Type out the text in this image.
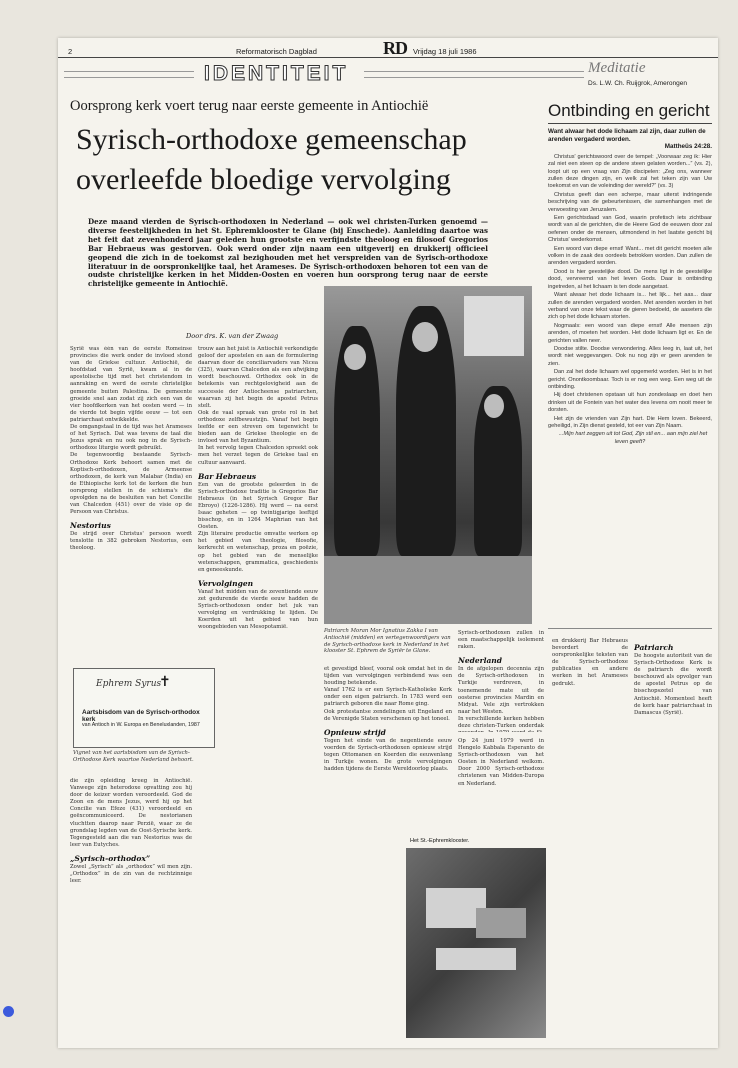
2	Reformatorisch Dagblad	RD Vrijdag 18 juli 1986
IDENTITEIT	Meditatie
Ds. L.W. Ch. Ruijgrok, Amerongen
Oorsprong kerk voert terug naar eerste gemeente in Antiochië
Syrisch-orthodoxe gemeenschap
overleefde bloedige vervolging
Deze maand vierden de Syrisch-orthodoxen in Nederland — ook wel christen-Turken genoemd — diverse feestelijkheden in het St. Ephremklooster te Glane (bij Enschede). Aanleiding daartoe was het feit dat zevenhonderd jaar geleden hun grootste en verfijndste theoloog en filosoof Gregorios Bar Hebraeus was gestorven. Ook werd onder zijn naam een uitgeverij en drukkerij officieel geopend die zich in de toekomst zal bezighouden met het verspreiden van de Syrisch-orthodoxe literatuur in de oorspronkelijke taal, het Arameses. De Syrisch-orthodoxen behoren tot een van de oudste christelijke kerken in het Midden-Oosten en voeren hun oorsprong terug naar de eerste christelijke gemeente in Antiochië.
Door drs. K. van der Zwaag
Syrië was één van de eerste Romeinse provincies die werk onder de invloed stond van de Griekse cultuur. Antiochië, de hoofdstad van Syrië, kwam al in de apostolische tijd met het christendom in aanraking en werd de eerste christelijke gemeente buiten Palestina. De gemeente groeide snel aan zodat zij zich een van de vier hoofdkerken van het oosten werd — in de vierde tot begin vijfde eeuw — tot een patriarchaat ontwikkelde.
De omgangstaal in de tijd was het Arameses of het Syrisch. Dat was tevens de taal die Jezus sprak en nu ook nog in de Syrisch-orthodoxe liturgie wordt gebruikt.
De tegenwoordig bestaande Syrisch-Orthodoxe Kerk behoort samen met de Koptisch-orthodoxen, de Armeense orthodoxen, de kerk van Malabar (India) en de Ethiopische kerk tot de kerken die hun oorsprong stellen in de schisma's die opvolgden na de besluiten van het Concilie van Chalcedon (451) over de visie op de Persoon van Christus.
Nestorius
De strijd over Christus' persoon wordt tenslotte in 382 gebroken Nestorius, een theoloog.
Ephrem Syrus
✝
Aartsbisdom van de Syrisch-orthodox kerk
van Antioch in W. Europa en Beneluxlanden, 1987
Vignet van het aartsbisdom van de Syrisch-Orthodoxe Kerk waartoe Nederland behoort.
die zijn opleiding kreeg in Antiochië. Vanwege zijn heterodoxe opvatting zou hij door de keizer worden veroordeeld. God de Zoon en de mens Jezus, werd hij op het Concilie van Efeze (431) veroordeeld en geëxcommuniceerd. De nestorianen vluchtten daarop naar Perzië, waar ze de grondslag legden van de Oost-Syrische kerk. Tegengesteld aan die van Nestorius was de leer van Eutyches.
„Syrisch-orthodox”
Zowel „Syrisch” als „orthodox” wil men zijn. „Orthodox” in de zin van de rechtzinnige leer.
trouw aan het juist is Antiochië verkondigde geloof der apostelen en aan de formulering daarvan door de conciliarvaders van Nicea (325), waarvan Chalcedon als een afwijking wordt beschouwd. Orthodox ook in de betekenis van rechtgelovigheid aan de successie der Antiocheense patriarchen, waarvan zij het begin de apostel Petrus stelt.
Ook de vaal spraak van grote rol in het orthodoxe zelfbewustzijn. Vanaf het begin leefde er een streven om tegenwicht te bieden aan de Griekse theologie en de invloed van het Byzantium.
In het vervolg tegen Chalcedon spreekt ook men het verzet tegen de Griekse taal en cultuur aanvaard.
Bar Hebraeus
Een van de grootste geleerden in de Syrisch-orthodoxe traditie is Gregorios Bar Hebraeus (in het Syrisch Gregor Bar Ebroyo) (1226-1286). Hij werd — na eerst Isaac geheten — op twintigjarige leeftijd bisschop, en in 1264 Maphrian van het Oosten.
Zijn literaire productie omvatte werken op het gebied van theologie, filosofie, kerkrecht en wetenschap, proza en poëzie, op het gebied van de menselijke wetenschappen, grammatica, geschiedenis en geneeskunde.
Vervolgingen
Vanaf het midden van de zeventiende eeuw zet gedurende de vierde eeuw hadden de Syrisch-orthodoxen onder het juk van vervolging en verdrukking te lijden. De Koerden uit het gebied van hun woongebieden van Mesopotamië.
Patriarch Moran Mor Ignatius Zakka I van Antiochië (midden) en vertegenwoordigers van de Syrisch-orthodoxe kerk in Nederland in het klooster St. Ephrem de Syriër te Glane.
et gevestigd bleef, vooral ook omdat het in de tijden van vervolgingen verbindend was een houding betekende.
Vanaf 1762 is er een Syrisch-Katholieke Kerk onder een eigen patriarch. In 1783 werd een patriarch geboren die naar Rome ging.
Ook protestantse zendelingen uit Engeland en de Verenigde Staten verschenen op het toneel.
Opnieuw strijd
Tegen het einde van de negentiende eeuw voerden de Syrisch-orthodoxen opnieuw strijd tegen Ottomanen en Koerden die eeuwenlang in Turkije wonen. De grote vervolgingen hadden tijdens de Eerste Wereldoorlog plaats.
Syrisch-orthodoxen zullen in een maatschappelijk isolement raken.
Nederland
In de afgelopen decennia zijn de Syrisch-orthodoxen in Turkije verdreven, in toenemende mate uit de oosterse provincies Mardin en Midyat. Vele zijn vertrokken naar het Westen.
In verschillende kerken hebben deze christen-Turken onderdak
Het St.-Ephremklooster.
Ontbinding en gericht
Want alwaar het dode lichaam zal zijn, daar zullen de arenden vergaderd worden.
Mattheüs 24:28.

Christus' gerichtswoord over de tempel: „Voorwaar zeg ik: Hier zal niet een steen op de andere steen gelaten worden...” (vs. 2), loopt uit op een vraag van Zijn discipelen: „Zeg ons, wanneer zullen deze dingen zijn, en welk zal het teken zijn van Uw toekomst en van de voleinding der wereld?” (vs. 3)

Christus geeft dan een scherpe, maar uiterst indringende beschrijving van de gebeurtenissen, die samenhangen met de verwoesting van Jeruzalem.

Een gerichtsdaad van God, waarin profetisch iets zichtbaar wordt van al de gerichten, die de Heere God de eeuwen door zal oefenen onder de mensen, uitmondend in het laatste gericht bij Christus' wederkomst.

Een woord van diepe ernst! Want... met dit gericht moeten alle volken in de zaak des oordeels betrokken worden. Dan zullen de arenden vergaderd worden.

Dood is hier geestelijke dood. De mens ligt in de geestelijke dood, vervreemd van het leven Gods. Daar is ontbinding ingetreden, al het lichaam is ten dode aangetast.

Want alwaar het dode lichaam is... het lijk... het aas... daar zullen de arenden vergaderd worden. Met arenden worden in het verband van onze tekst waar de gieren bedoeld, de aaseters die zich op het dode lichaam storten.

Nogmaals: een woord van diepe ernst! Alle mensen zijn arenden, of moeten het worden. Het dode lichaam ligt er. En de gerichten vallen neer.

Doodse stilte. Doodse verwondering. Alles leeg in, laat uit, het wordt niet weggevangen. Ook nu nog zijn er geen arenden te zien.

Dan zal het dode lichaam wel opgemerkt worden. Het is in het gericht. Onontkoombaar. Toch is er nog een weg. Een weg uit de ontbinding.

Hij doet christenen opstaan uit hun zondeslaap en doet hen drinken uit de Fontein van het water des levens om nooit meer te dorsten.

Het zijn de vrienden van Zijn hart. Die Hem loven. Bekeerd, geheiligd, in Zijn dienst gesteld, tot eer van Zijn Naam.

...Mijn hart zeggen uit tot God, Zijn stil en... aan mijn ziel het leven geeft?

Op 24 juni 1979 werd in Hengelo Kabbala Esperanto de Syrisch-orthodoxen van het Oosten in Nederland welkom. Door 2000 Syrisch-orthodoxe christenen van Midden-Europa en Nederland.
en drukkerij Bar Hebraeus bevordert de oorspronkelijke teksten van de Syrisch-orthodoxe publicaties en andere werken in het Arameses gedrukt.
Patriarch
De hoogste autoriteit van de Syrisch-Orthodoxe Kerk is de patriarch die wordt beschouwd als opvolger van de apostel Petrus op de bisschopszetel van Antiochië. Momenteel heeft de kerk haar patriarchaat in Damascus (Syrië).
